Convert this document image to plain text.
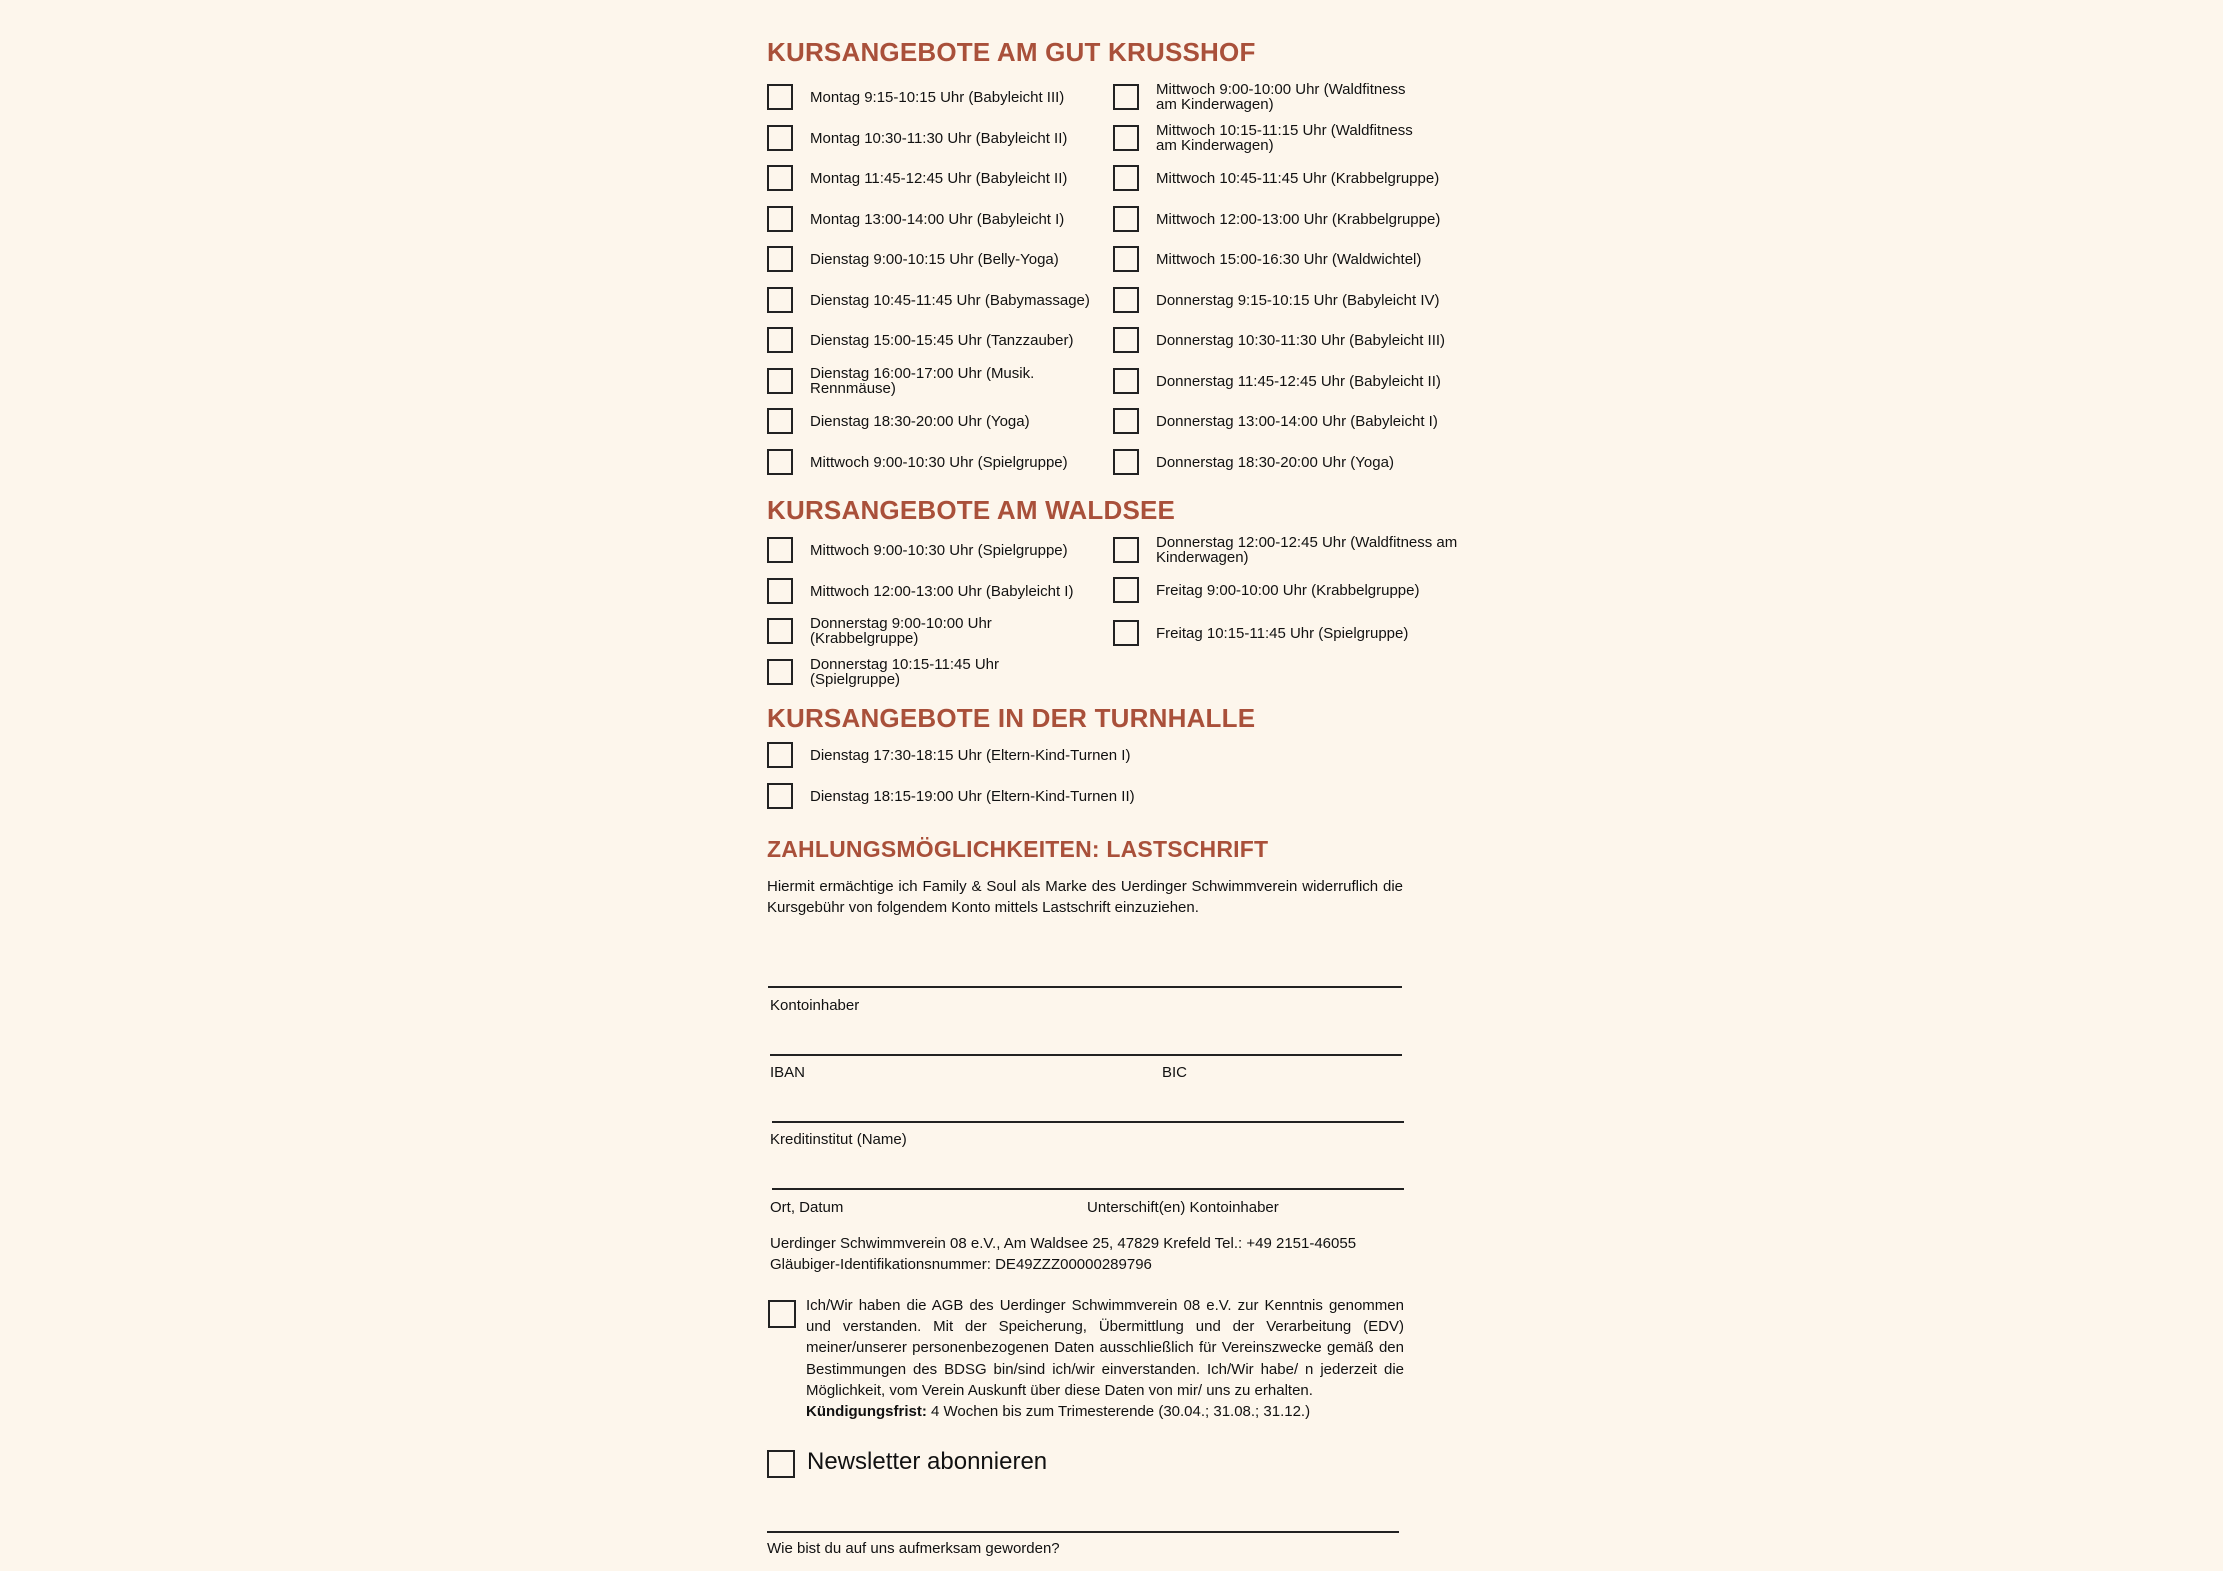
KURSANGEBOTE AM GUT KRUSSHOF
Montag 9:15-10:15 Uhr (Babyleicht III)
Montag 10:30-11:30 Uhr (Babyleicht II)
Montag 11:45-12:45 Uhr (Babyleicht II)
Montag 13:00-14:00 Uhr (Babyleicht I)
Dienstag 9:00-10:15 Uhr (Belly-Yoga)
Dienstag 10:45-11:45 Uhr (Babymassage)
Dienstag 15:00-15:45 Uhr (Tanzzauber)
Dienstag 16:00-17:00 Uhr (Musik.
Rennmäuse)
Dienstag 18:30-20:00 Uhr (Yoga)
Mittwoch 9:00-10:30 Uhr (Spielgruppe)
Mittwoch 9:00-10:00 Uhr (Waldfitness
am Kinderwagen)
Mittwoch 10:15-11:15 Uhr (Waldfitness
am Kinderwagen)
Mittwoch 10:45-11:45 Uhr (Krabbelgruppe)
Mittwoch 12:00-13:00 Uhr (Krabbelgruppe)
Mittwoch 15:00-16:30 Uhr (Waldwichtel)
Donnerstag 9:15-10:15 Uhr (Babyleicht IV)
Donnerstag 10:30-11:30 Uhr (Babyleicht III)
Donnerstag 11:45-12:45 Uhr (Babyleicht II)
Donnerstag 13:00-14:00 Uhr (Babyleicht I)
Donnerstag 18:30-20:00 Uhr (Yoga)
KURSANGEBOTE AM WALDSEE
Mittwoch 9:00-10:30 Uhr (Spielgruppe)
Mittwoch 12:00-13:00 Uhr (Babyleicht I)
Donnerstag 9:00-10:00 Uhr
(Krabbelgruppe)
Donnerstag 10:15-11:45 Uhr
(Spielgruppe)
Donnerstag 12:00-12:45 Uhr (Waldfitness am
Kinderwagen)
Freitag 9:00-10:00 Uhr (Krabbelgruppe)
Freitag 10:15-11:45 Uhr (Spielgruppe)
KURSANGEBOTE IN DER TURNHALLE
Dienstag 17:30-18:15 Uhr (Eltern-Kind-Turnen I)
Dienstag 18:15-19:00 Uhr (Eltern-Kind-Turnen II)
ZAHLUNGSMÖGLICHKEITEN: LASTSCHRIFT
Hiermit ermächtige ich Family & Soul als Marke des Uerdinger Schwimmverein widerruflich die Kursgebühr von folgendem Konto mittels Lastschrift einzuziehen.
Kontoinhaber
IBAN	BIC
Kreditinstitut (Name)
Ort, Datum	Unterschift(en) Kontoinhaber
Uerdinger Schwimmverein 08 e.V., Am Waldsee 25, 47829 Krefeld Tel.: +49 2151-46055
Gläubiger-Identifikationsnummer: DE49ZZZ00000289796
Ich/Wir haben die AGB des Uerdinger Schwimmverein 08 e.V. zur Kenntnis genommen und verstanden. Mit der Speicherung, Übermittlung und der Verarbeitung (EDV) meiner/unserer personenbezogenen Daten ausschließlich für Vereinszwecke gemäß den Bestimmungen des BDSG bin/sind ich/wir einverstanden. Ich/Wir habe/ n jederzeit die Möglichkeit, vom Verein Auskunft über diese Daten von mir/ uns zu erhalten.
Kündigungsfrist: 4 Wochen bis zum Trimesterende (30.04.; 31.08.; 31.12.)
Newsletter abonnieren
Wie bist du auf uns aufmerksam geworden?
